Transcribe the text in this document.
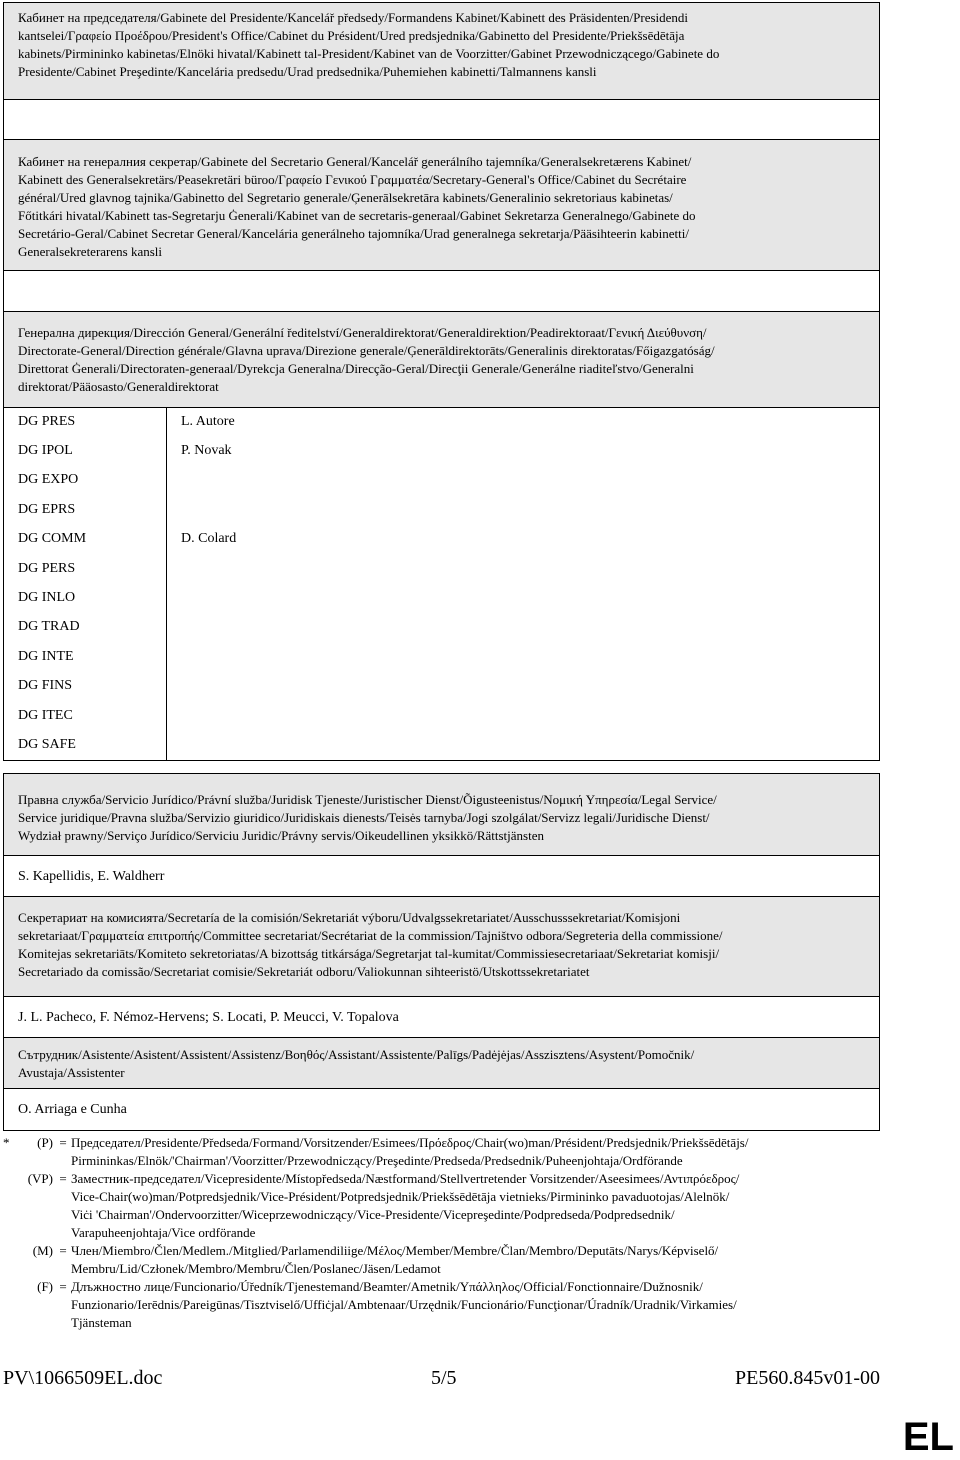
Кабинет на председателя/Gabinete del Presidente/Kancelář předsedy/Formandens Kabinet/Kabinett des Präsidenten/Presidendi
kantselei/Γραφείο Προέδρου/President's Office/Cabinet du Président/Ured predsjednika/Gabinetto del Presidente/Priekšsēdētāja
kabinets/Pirmininko kabinetas/Elnöki hivatal/Kabinett tal-President/Kabinet van de Voorzitter/Gabinet Przewodniczącego/Gabinete do
Presidente/Cabinet Preşedinte/Kancelária predsedu/Urad predsednika/Puhemiehen kabinetti/Talmannens kansli

Кабинет на генералния секретар/Gabinete del Secretario General/Kancelář generálního tajemníka/Generalsekretærens Kabinet/
Kabinett des Generalsekretärs/Peasekretäri büroo/Γραφείο Γενικού Γραμματέα/Secretary-General's Office/Cabinet du Secrétaire
général/Ured glavnog tajnika/Gabinetto del Segretario generale/Ģenerālsekretāra kabinets/Generalinio sekretoriaus kabinetas/
Főtitkári hivatal/Kabinett tas-Segretarju Ġenerali/Kabinet van de secretaris-generaal/Gabinet Sekretarza Generalnego/Gabinete do
Secretário-Geral/Cabinet Secretar General/Kancelária generálneho tajomníka/Urad generalnega sekretarja/Pääsihteerin kabinetti/
Generalsekreterarens kansli

Генерална дирекция/Dirección General/Generální ředitelství/Generaldirektorat/Generaldirektion/Peadirektoraat/Γενική Διεύθυνση/
Directorate-General/Direction générale/Glavna uprava/Direzione generale/Ģenerāldirektorāts/Generalinis direktoratas/Főigazgatóság/
Direttorat Ġenerali/Directoraten-generaal/Dyrekcja Generalna/Direcção-Geral/Direcţii Generale/Generálne riaditeľstvo/Generalni
direktorat/Pääosasto/Generaldirektorat
DG PRES	L. Autore
DG IPOL	P. Novak
DG EXPO	
DG EPRS	
DG COMM	D. Colard
DG PERS	
DG INLO	
DG TRAD	
DG INTE	
DG FINS	
DG ITEC	
DG SAFE	
Правна служба/Servicio Jurídico/Právní služba/Juridisk Tjeneste/Juristischer Dienst/Õigusteenistus/Νομική Υπηρεσία/Legal Service/
Service juridique/Pravna služba/Servizio giuridico/Juridiskais dienests/Teisės tarnyba/Jogi szolgálat/Servizz legali/Juridische Dienst/
Wydział prawny/Serviço Jurídico/Serviciu Juridic/Právny servis/Oikeudellinen yksikkö/Rättstjänsten

S. Kapellidis, E. Waldherr
Секретариат на комисията/Secretaría de la comisión/Sekretariát výboru/Udvalgssekretariatet/Ausschusssekretariat/Komisjoni
sekretariaat/Γραμματεία επιτροπής/Committee secretariat/Secrétariat de la commission/Tajništvo odbora/Segreteria della commissione/
Komitejas sekretariāts/Komiteto sekretoriatas/A bizottság titkársága/Segretarjat tal-kumitat/Commissiesecretariaat/Sekretariat komisji/
Secretariado da comissão/Secretariat comisie/Sekretariát odboru/Valiokunnan sihteeristö/Utskottssekretariatet

J. L. Pacheco, F. Némoz-Hervens; S. Locati, P. Meucci, V. Topalova
Сътрудник/Asistente/Asistent/Assistent/Assistenz/Βοηθός/Assistant/Assistente/Palīgs/Padėjėjas/Asszisztens/Asystent/Pomočnik/
Avustaja/Assistenter

O. Arriaga e Cunha
*	(P) = Председател/Presidente/Předseda/Formand/Vorsitzender/Esimees/Πρόεδρος/Chair(wo)man/Président/Predsjednik/Priekšsēdētājs/
Pirmininkas/Elnök/'Chairman'/Voorzitter/Przewodniczący/Preşedinte/Predseda/Predsednik/Puheenjohtaja/Ordförande
(VP) = Заместник-председател/Vicepresidente/Místopředseda/Næstformand/Stellvertretender Vorsitzender/Aseesimees/Αντιπρόεδρος/
Vice-Chair(wo)man/Potpredsjednik/Vice-Président/Potpredsjednik/Priekšsēdētāja vietnieks/Pirmininko pavaduotojas/Alelnök/
Viċi 'Chairman'/Ondervoorzitter/Wiceprzewodniczący/Vice-Presidente/Vicepreşedinte/Podpredseda/Podpredsednik/
Varapuheenjohtaja/Vice ordförande
(M) = Член/Miembro/Člen/Medlem./Mitglied/Parlamendiliige/Μέλος/Member/Membre/Član/Membro/Deputāts/Narys/Képviselő/
Membru/Lid/Członek/Membro/Membru/Člen/Poslanec/Jäsen/Ledamot
(F) = Длъжностно лице/Funcionario/Úředník/Tjenestemand/Beamter/Ametnik/Υπάλληλος/Official/Fonctionnaire/Dužnosnik/
Funzionario/Ierēdnis/Pareigūnas/Tisztviselő/Uffiċjal/Ambtenaar/Urzędnik/Funcionário/Funcţionar/Úradník/Uradnik/Virkamies/
Tjänsteman
PV\1066509EL.doc	5/5	PE560.845v01-00
EL
